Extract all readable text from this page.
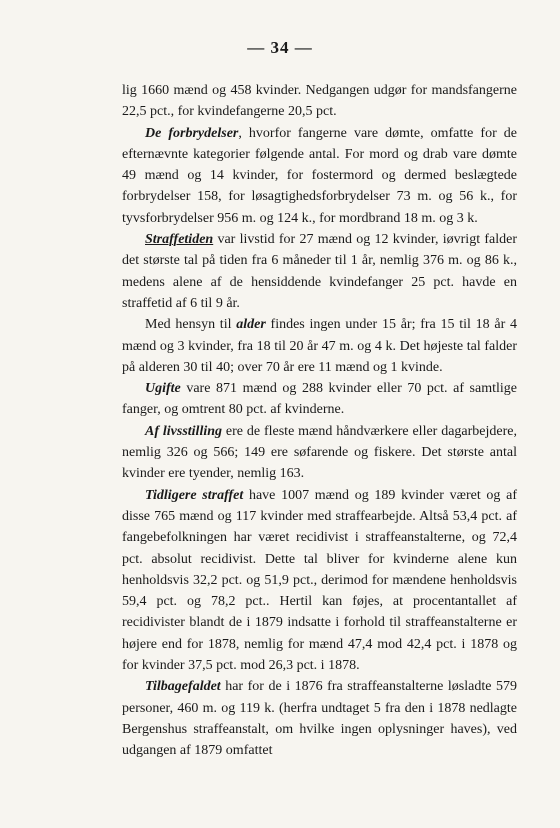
— 34 —

lig 1660 mænd og 458 kvinder. Nedgangen udgør for mandsfangerne 22,5 pct., for kvindefangerne 20,5 pct.

De forbrydelser, hvorfor fangerne vare dømte, omfatte for de efternævnte kategorier følgende antal. For mord og drab vare dømte 49 mænd og 14 kvinder, for fostermord og dermed beslægtede forbrydelser 158, for løsagtighedsforbrydelser 73 m. og 56 k., for tyvsforbrydelser 956 m. og 124 k., for mordbrand 18 m. og 3 k.

Straffetiden var livstid for 27 mænd og 12 kvinder, iøvrigt falder det største tal på tiden fra 6 måneder til 1 år, nemlig 376 m. og 86 k., medens alene af de hensiddende kvindefanger 25 pct. havde en straffetid af 6 til 9 år.

Med hensyn til alder findes ingen under 15 år; fra 15 til 18 år 4 mænd og 3 kvinder, fra 18 til 20 år 47 m. og 4 k. Det højeste tal falder på alderen 30 til 40; over 70 år ere 11 mænd og 1 kvinde.

Ugifte vare 871 mænd og 288 kvinder eller 70 pct. af samtlige fanger, og omtrent 80 pct. af kvinderne.

Af livsstilling ere de fleste mænd håndværkere eller dagarbejdere, nemlig 326 og 566; 149 ere søfarende og fiskere. Det største antal kvinder ere tyender, nemlig 163.

Tidligere straffet have 1007 mænd og 189 kvinder været og af disse 765 mænd og 117 kvinder med straffearbejde. Altså 53,4 pct. af fangebefolkningen har været recidivist i straffeanstalterne, og 72,4 pct. absolut recidivist. Dette tal bliver for kvinderne alene kun henholdsvis 32,2 pct. og 51,9 pct., derimod for mændene henholdsvis 59,4 pct. og 78,2 pct.. Hertil kan føjes, at procentantallet af recidivister blandt de i 1879 indsatte i forhold til straffeanstalterne er højere end for 1878, nemlig for mænd 47,4 mod 42,4 pct. i 1878 og for kvinder 37,5 pct. mod 26,3 pct. i 1878.

Tilbagefaldet har for de i 1876 fra straffeanstalterne løsladte 579 personer, 460 m. og 119 k. (herfra undtaget 5 fra den i 1878 nedlagte Bergenshus straffeanstalt, om hvilke ingen oplysninger haves), ved udgangen af 1879 omfattet
